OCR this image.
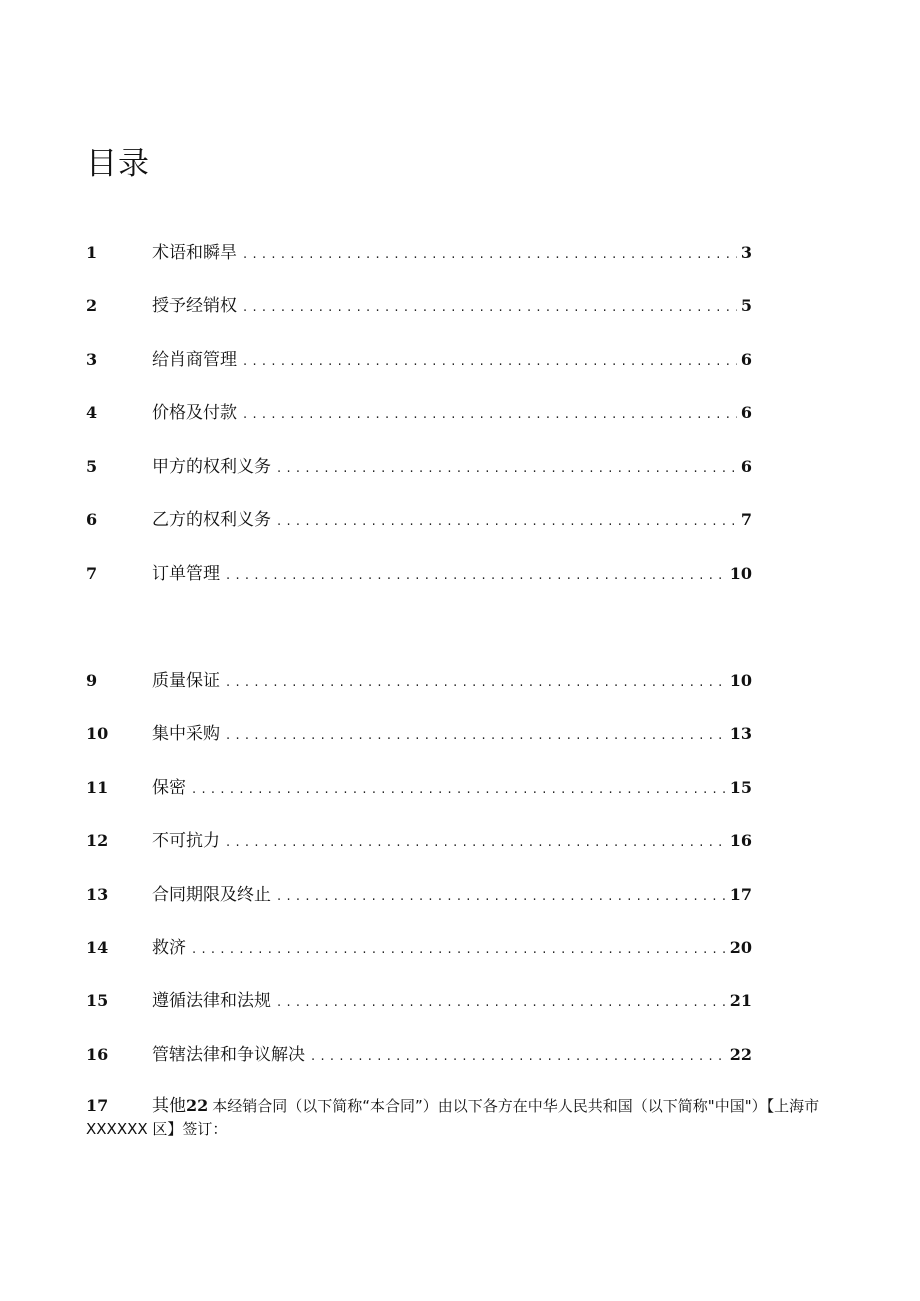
目录
1	术语和瞬旱 . . .	3
2	授予经销权 . . .	5
3	给肖商管理 . . .	6
4	价格及付款 . . .	6
5	甲方的权利义务 . . .	6
6	乙方的权利义务 . . .	7
7	订单管理 . . .	10
9	质量保证 . . .	10
10	集中采购 . . .	13
11	保密 . . .	15
12	不可抗力 . . .	16
13	合同期限及终止 . . .	17
14	救济 . . .	20
15	遵循法律和法规 . . .	21
16	管辖法律和争议解决 . . .	22
17	其他22 本经销合同（以下简称“本合同”）由以下各方在中华人民共和国（以下简称"中国"）【上海市 XXXXXX 区】签订：
